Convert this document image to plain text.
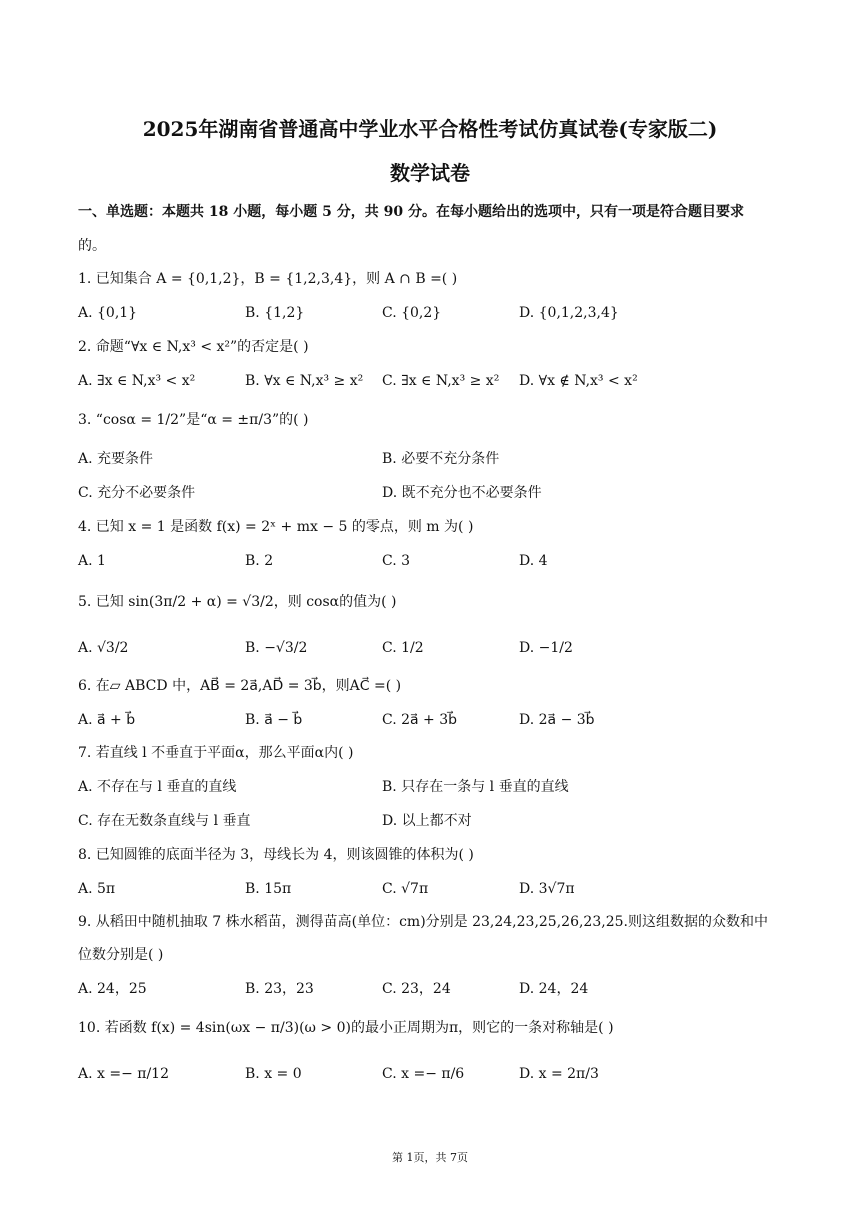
2025年湖南省普通高中学业水平合格性考试仿真试卷(专家版二)
数学试卷
一、单选题：本题共 18 小题，每小题 5 分，共 90 分。在每小题给出的选项中，只有一项是符合题目要求
的。
1. 已知集合 A = {0,1,2}，B = {1,2,3,4}，则 A ∩ B =( )
A. {0,1}	B. {1,2}	C. {0,2}	D. {0,1,2,3,4}
2. 命题“∀x ∈ N,x³ < x²”的否定是( )
A. ∃x ∈ N,x³ < x²	B. ∀x ∈ N,x³ ≥ x² C. ∃x ∈ N,x³ ≥ x² D. ∀x ∉ N,x³ < x²
3. “cosα = 1/2”是“α = ±π/3”的( )
A. 充要条件	B. 必要不充分条件
C. 充分不必要条件	D. 既不充分也不必要条件
4. 已知 x = 1 是函数 f(x) = 2ˣ + mx − 5 的零点，则 m 为( )
A. 1	B. 2	C. 3	D. 4
5. 已知 sin(3π/2 + α) = √3/2，则 cosα的值为( )
A. √3/2	B. −√3/2	C. 1/2	D. −1/2
6. 在▱ ABCD 中，AB⃗ = 2a⃗,AD⃗ = 3b⃗，则AC⃗ =( )
A. a⃗ + b⃗	B. a⃗ − b⃗	C. 2a⃗ + 3b⃗	D. 2a⃗ − 3b⃗
7. 若直线 l 不垂直于平面α，那么平面α内( )
A. 不存在与 l 垂直的直线	B. 只存在一条与 l 垂直的直线
C. 存在无数条直线与 l 垂直	D. 以上都不对
8. 已知圆锥的底面半径为 3，母线长为 4，则该圆锥的体积为( )
A. 5π	B. 15π	C. √7π	D. 3√7π
9. 从稻田中随机抽取 7 株水稻苗，测得苗高(单位：cm)分别是 23,24,23,25,26,23,25.则这组数据的众数和中
位数分别是( )
A. 24，25	B. 23，23	C. 23，24	D. 24，24
10. 若函数 f(x) = 4sin(ωx − π/3)(ω > 0)的最小正周期为π，则它的一条对称轴是( )
A. x =− π/12	B. x = 0	C. x =− π/6	D. x = 2π/3
第 1页，共 7页
